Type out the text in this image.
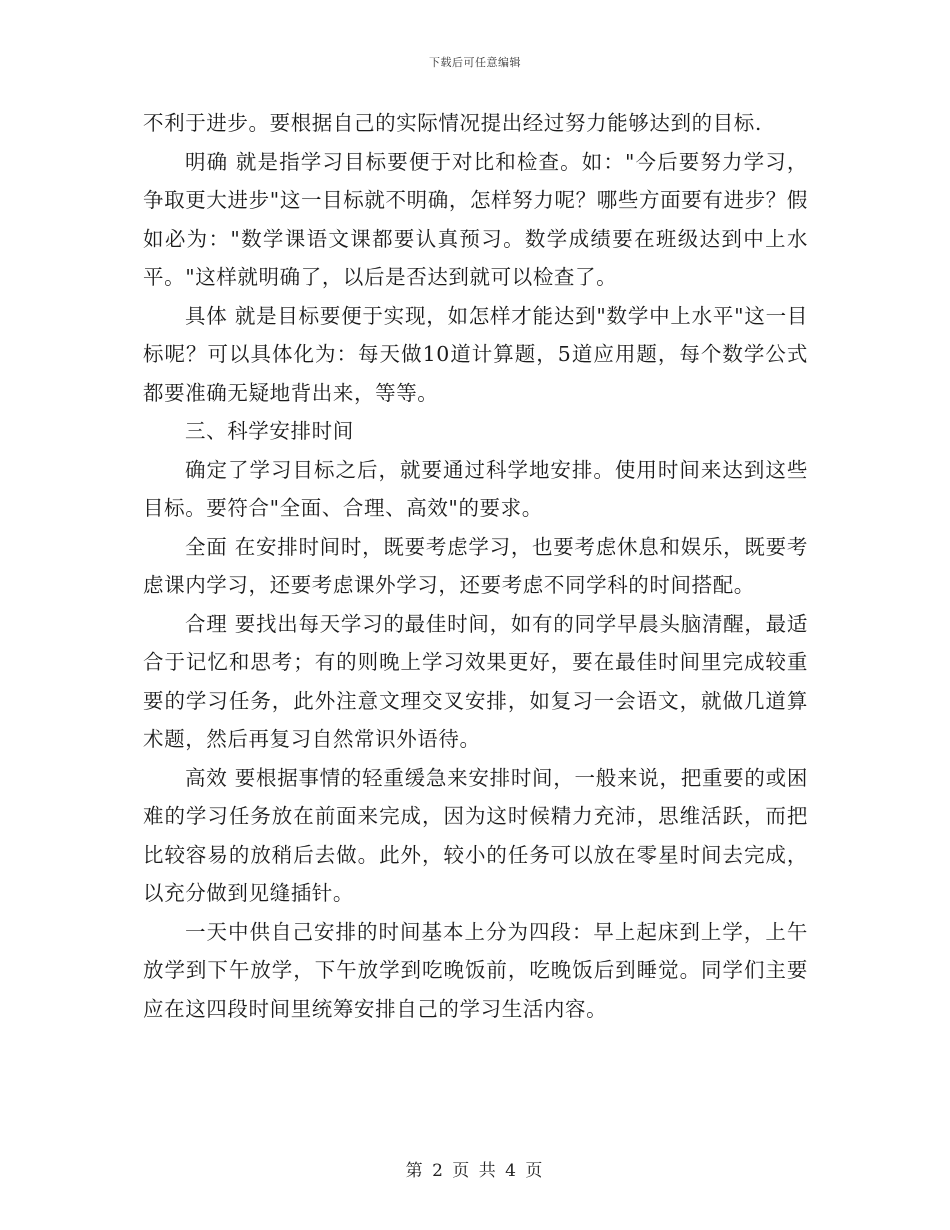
下载后可任意编辑

不利于进步。要根据自己的实际情况提出经过努力能够达到的目标.

明确 就是指学习目标要便于对比和检查。如："今后要努力学习，争取更大进步"这一目标就不明确，怎样努力呢？哪些方面要有进步？假如必为："数学课语文课都要认真预习。数学成绩要在班级达到中上水平。"这样就明确了，以后是否达到就可以检查了。

具体 就是目标要便于实现，如怎样才能达到"数学中上水平"这一目标呢？可以具体化为：每天做10道计算题，5道应用题，每个数学公式都要准确无疑地背出来，等等。

三、科学安排时间

确定了学习目标之后，就要通过科学地安排。使用时间来达到这些目标。要符合"全面、合理、高效"的要求。

全面 在安排时间时，既要考虑学习，也要考虑休息和娱乐，既要考虑课内学习，还要考虑课外学习，还要考虑不同学科的时间搭配。

合理 要找出每天学习的最佳时间，如有的同学早晨头脑清醒，最适合于记忆和思考；有的则晚上学习效果更好，要在最佳时间里完成较重要的学习任务，此外注意文理交叉安排，如复习一会语文，就做几道算术题，然后再复习自然常识外语待。

高效 要根据事情的轻重缓急来安排时间，一般来说，把重要的或困难的学习任务放在前面来完成，因为这时候精力充沛，思维活跃，而把比较容易的放稍后去做。此外，较小的任务可以放在零星时间去完成，以充分做到见缝插针。

一天中供自己安排的时间基本上分为四段：早上起床到上学，上午放学到下午放学，下午放学到吃晚饭前，吃晚饭后到睡觉。同学们主要应在这四段时间里统筹安排自己的学习生活内容。

第 2 页 共 4 页
